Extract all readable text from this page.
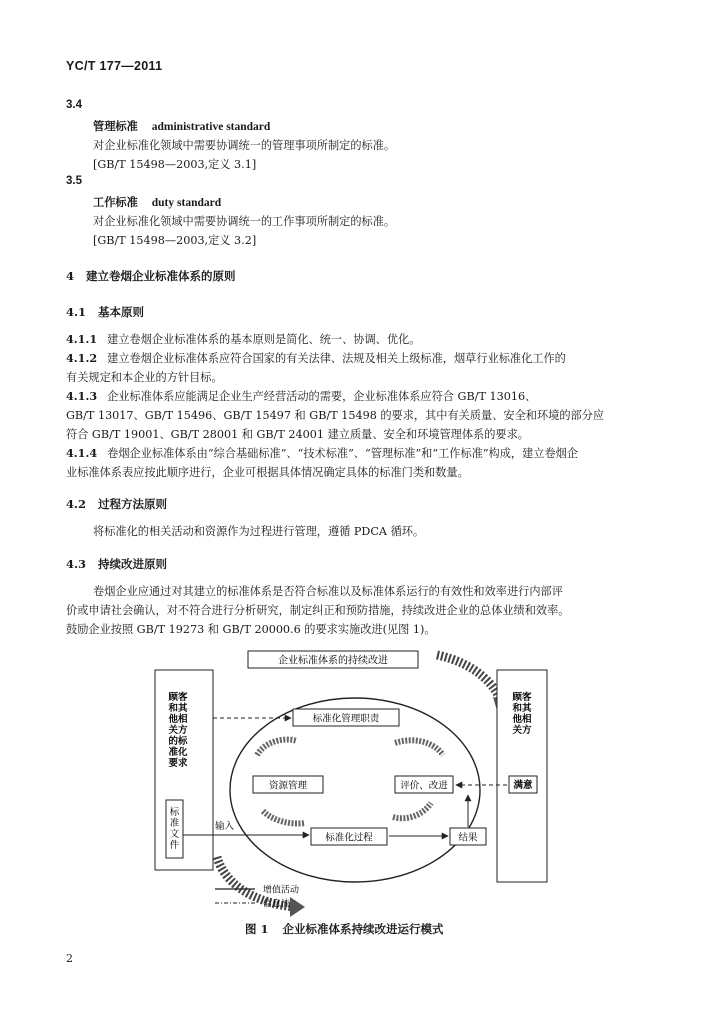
YC/T 177—2011
3.4
管理标准 administrative standard
对企业标准化领域中需要协调统一的管理事项所制定的标准。
[GB/T 15498—2003,定义 3.1]
3.5
工作标准 duty standard
对企业标准化领域中需要协调统一的工作事项所制定的标准。
[GB/T 15498—2003,定义 3.2]
4 建立卷烟企业标准体系的原则
4.1 基本原则
4.1.1 建立卷烟企业标准体系的基本原则是简化、统一、协调、优化。
4.1.2 建立卷烟企业标准体系应符合国家的有关法律、法规及相关上级标准，烟草行业标准化工作的
有关规定和本企业的方针目标。
4.1.3 企业标准体系应能满足企业生产经营活动的需要，企业标准体系应符合 GB/T 13016、
GB/T 13017、GB/T 15496、GB/T 15497 和 GB/T 15498 的要求，其中有关质量、安全和环境的部分应
符合 GB/T 19001、GB/T 28001 和 GB/T 24001 建立质量、安全和环境管理体系的要求。
4.1.4 卷烟企业标准体系由“综合基础标准”、“技术标准”、“管理标准”和“工作标准”构成，建立卷烟企
业标准体系表应按此顺序进行，企业可根据具体情况确定具体的标准门类和数量。
4.2 过程方法原则
将标准化的相关活动和资源作为过程进行管理，遵循 PDCA 循环。
4.3 持续改进原则
卷烟企业应通过对其建立的标准体系是否符合标准以及标准体系运行的有效性和效率进行内部评
价或申请社会确认，对不符合进行分析研究，制定纠正和预防措施，持续改进企业的总体业绩和效率。
鼓励企业按照 GB/T 19273 和 GB/T 20000.6 的要求实施改进(见图 1)。
企业标准体系的持续改进
顾客和其他相关方的标准化要求
标准文件
顾客和其他相关方
满意
标准化管理职责
资源管理	评价、改进
标准化过程	结果
输入
增值活动
信息流
图 1 企业标准体系持续改进运行模式
2
